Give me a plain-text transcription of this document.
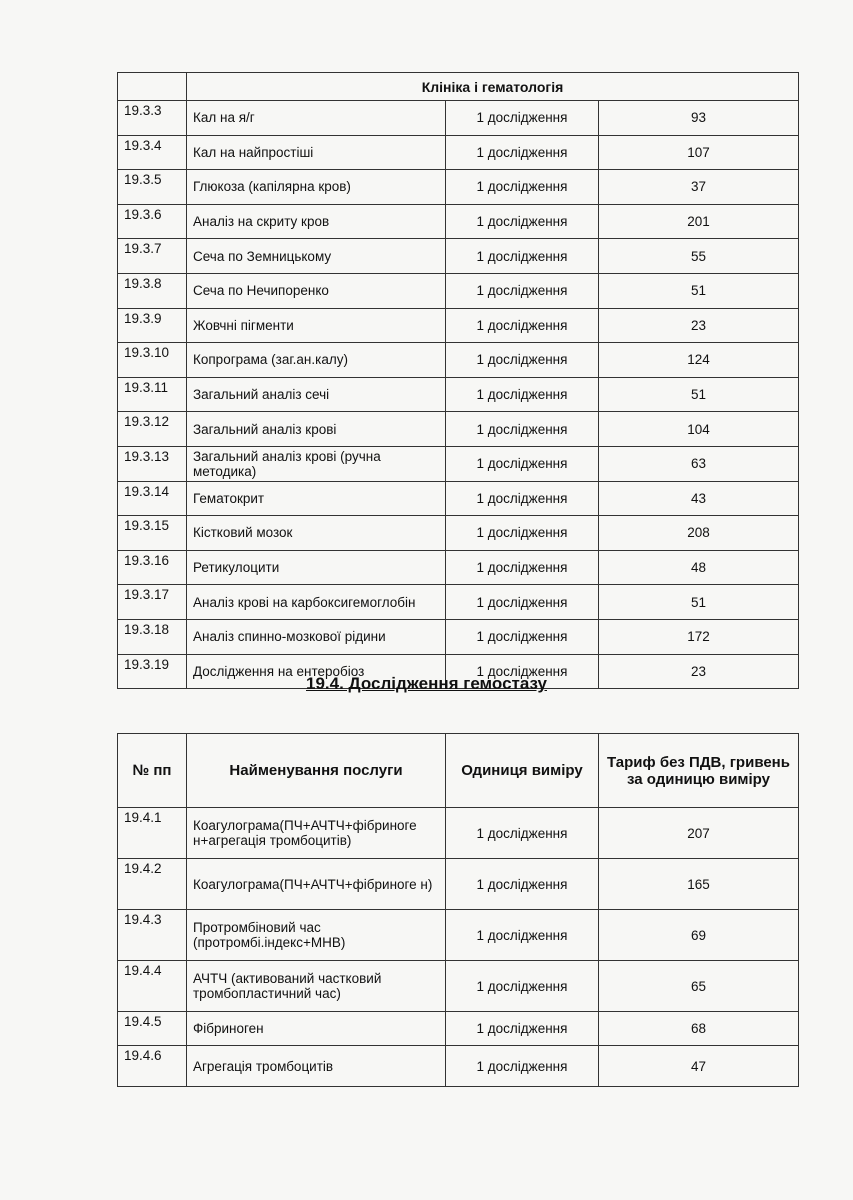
	Клініка і гематологія		
19.3.3	Кал на я/г	1 дослідження	93
19.3.4	Кал на найпростіші	1 дослідження	107
19.3.5	Глюкоза (капілярна кров)	1 дослідження	37
19.3.6	Аналіз на скриту кров	1 дослідження	201
19.3.7	Сеча по Земницькому	1 дослідження	55
19.3.8	Сеча по Нечипоренко	1 дослідження	51
19.3.9	Жовчні пігменти	1 дослідження	23
19.3.10	Копрограма (заг.ан.калу)	1 дослідження	124
19.3.11	Загальний аналіз сечі	1 дослідження	51
19.3.12	Загальний аналіз крові	1 дослідження	104
19.3.13	Загальний аналіз крові (ручна методика)	1 дослідження	63
19.3.14	Гематокрит	1 дослідження	43
19.3.15	Кістковий мозок	1 дослідження	208
19.3.16	Ретикулоцити	1 дослідження	48
19.3.17	Аналіз крові на карбоксигемоглобін	1 дослідження	51
19.3.18	Аналіз спинно-мозкової рідини	1 дослідження	172
19.3.19	Дослідження на ентеробіоз	1 дослідження	23
19.4. Дослідження гемостазу
№ пп	Найменування послуги	Одиниця виміру	Тариф без ПДВ, гривень за одиницю виміру
19.4.1	Коагулограма(ПЧ+АЧТЧ+фібриноге н+агрегація тромбоцитів)	1 дослідження	207
19.4.2	Коагулограма(ПЧ+АЧТЧ+фібриноге н)	1 дослідження	165
19.4.3	Протромбіновий час (протромбі.індекс+МНВ)	1 дослідження	69
19.4.4	АЧТЧ (активований частковий тромбопластичний час)	1 дослідження	65
19.4.5	Фібриноген	1 дослідження	68
19.4.6	Агрегація тромбоцитів	1 дослідження	47
